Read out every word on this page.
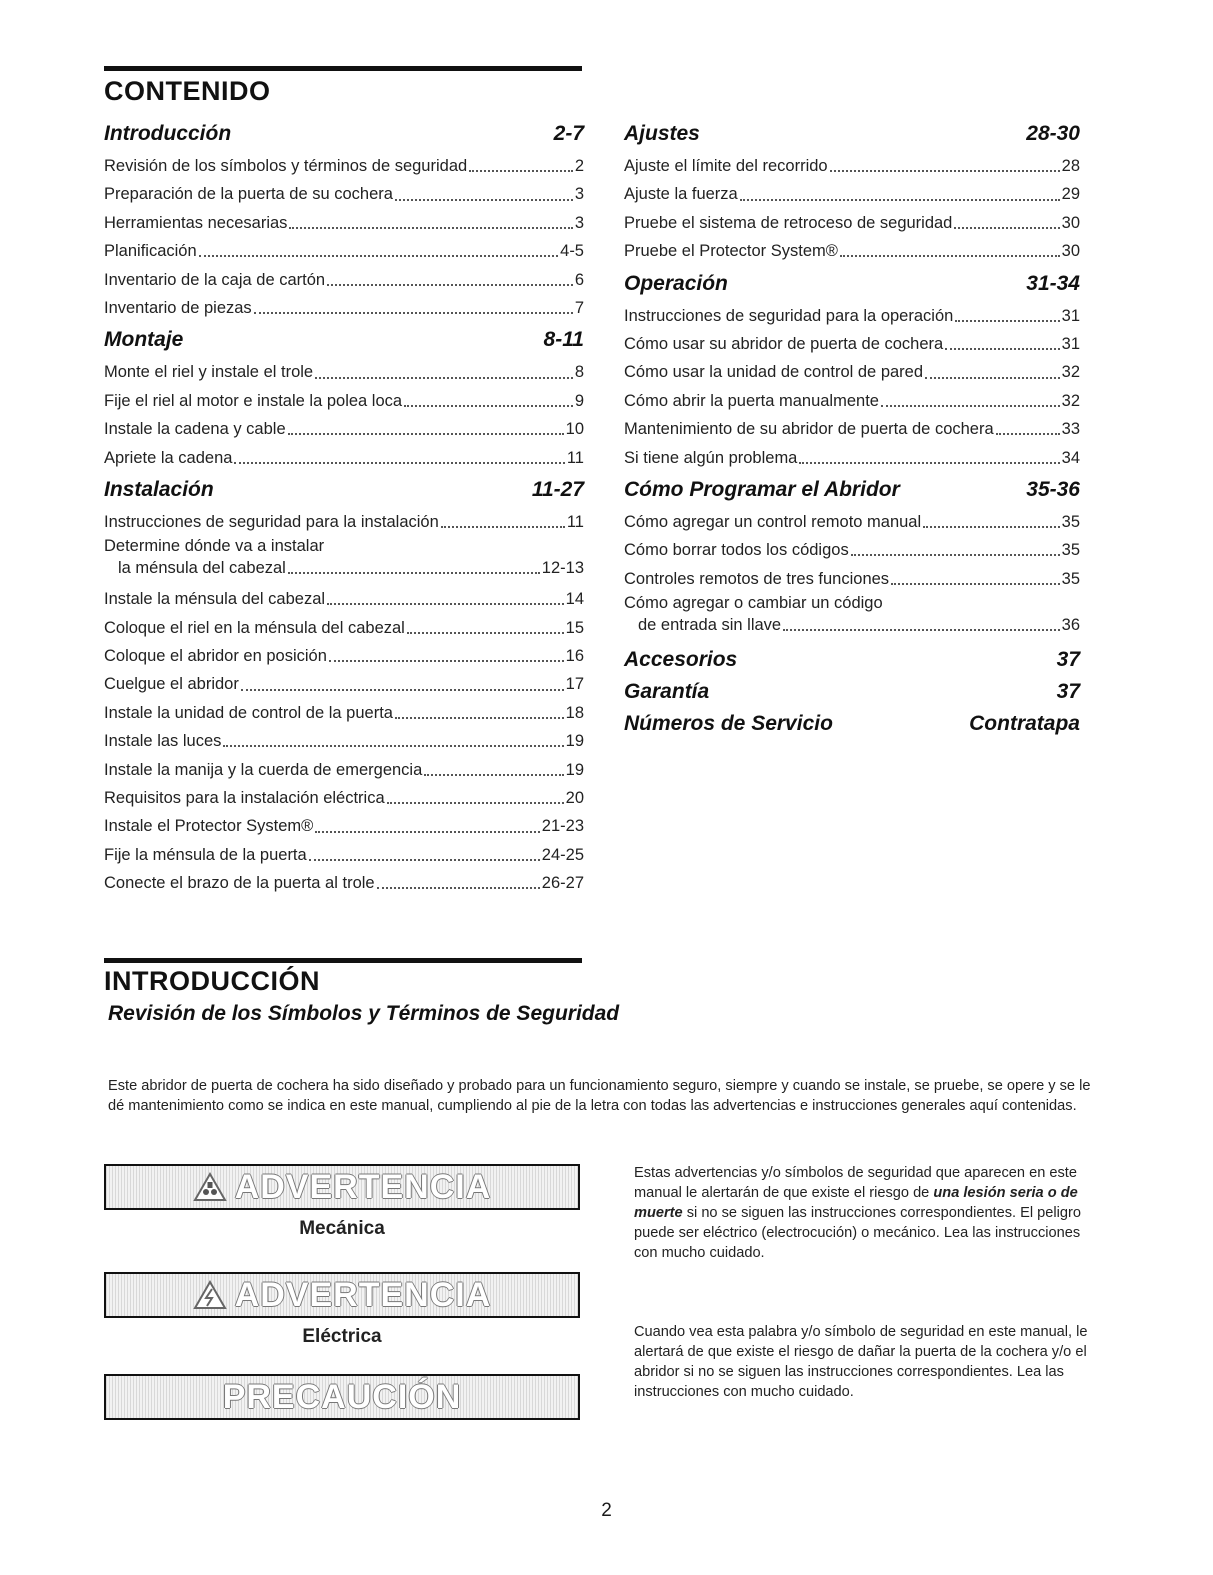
CONTENIDO
Introducción	2-7
Revisión de los símbolos y términos de seguridad	2
Preparación de la puerta de su cochera	3
Herramientas necesarias	3
Planificación	4-5
Inventario de la caja de cartón	6
Inventario de piezas	7
Montaje	8-11
Monte el riel y instale el trole	8
Fije el riel al motor e instale la polea loca	9
Instale la cadena y cable	10
Apriete la cadena	11
Instalación	11-27
Instrucciones de seguridad para la instalación	11
Determine dónde va a instalar
la ménsula del cabezal	12-13
Instale la ménsula del cabezal	14
Coloque el riel en la ménsula del cabezal	15
Coloque el abridor en posición	16
Cuelgue el abridor	17
Instale la unidad de control de la puerta	18
Instale las luces	19
Instale la manija y la cuerda de emergencia	19
Requisitos para la instalación eléctrica	20
Instale el Protector System®	21-23
Fije la ménsula de la puerta	24-25
Conecte el brazo de la puerta al trole	26-27
Ajustes	28-30
Ajuste el límite del recorrido	28
Ajuste la fuerza	29
Pruebe el sistema de retroceso de seguridad	30
Pruebe el Protector System®	30
Operación	31-34
Instrucciones de seguridad para la operación	31
Cómo usar su abridor de puerta de cochera	31
Cómo usar la unidad de control de pared	32
Cómo abrir la puerta manualmente	32
Mantenimiento de su abridor de puerta de cochera	33
Si tiene algún problema	34
Cómo Programar el Abridor	35-36
Cómo agregar un control remoto manual	35
Cómo borrar todos los códigos	35
Controles remotos de tres funciones	35
Cómo agregar o cambiar un código
de entrada sin llave	36
Accesorios	37
Garantía	37
Números de Servicio	Contratapa
INTRODUCCIÓN
Revisión de los Símbolos y Términos de Seguridad
Este abridor de puerta de cochera ha sido diseñado y probado para un funcionamiento seguro, siempre y cuando se instale, se pruebe, se opere y se le dé mantenimiento como se indica en este manual, cumpliendo al pie de la letra con todas las advertencias e instrucciones generales aquí contenidas.
ADVERTENCIA
Mecánica
ADVERTENCIA
Eléctrica
PRECAUCIÓN
Estas advertencias y/o símbolos de seguridad que aparecen en este manual le alertarán de que existe el riesgo de una lesión seria o de muerte si no se siguen las instrucciones correspondientes. El peligro puede ser eléctrico (electrocución) o mecánico. Lea las instrucciones con mucho cuidado.
Cuando vea esta palabra y/o símbolo de seguridad en este manual, le alertará de que existe el riesgo de dañar la puerta de la cochera y/o el abridor si no se siguen las instrucciones correspondientes. Lea las instrucciones con mucho cuidado.
2
